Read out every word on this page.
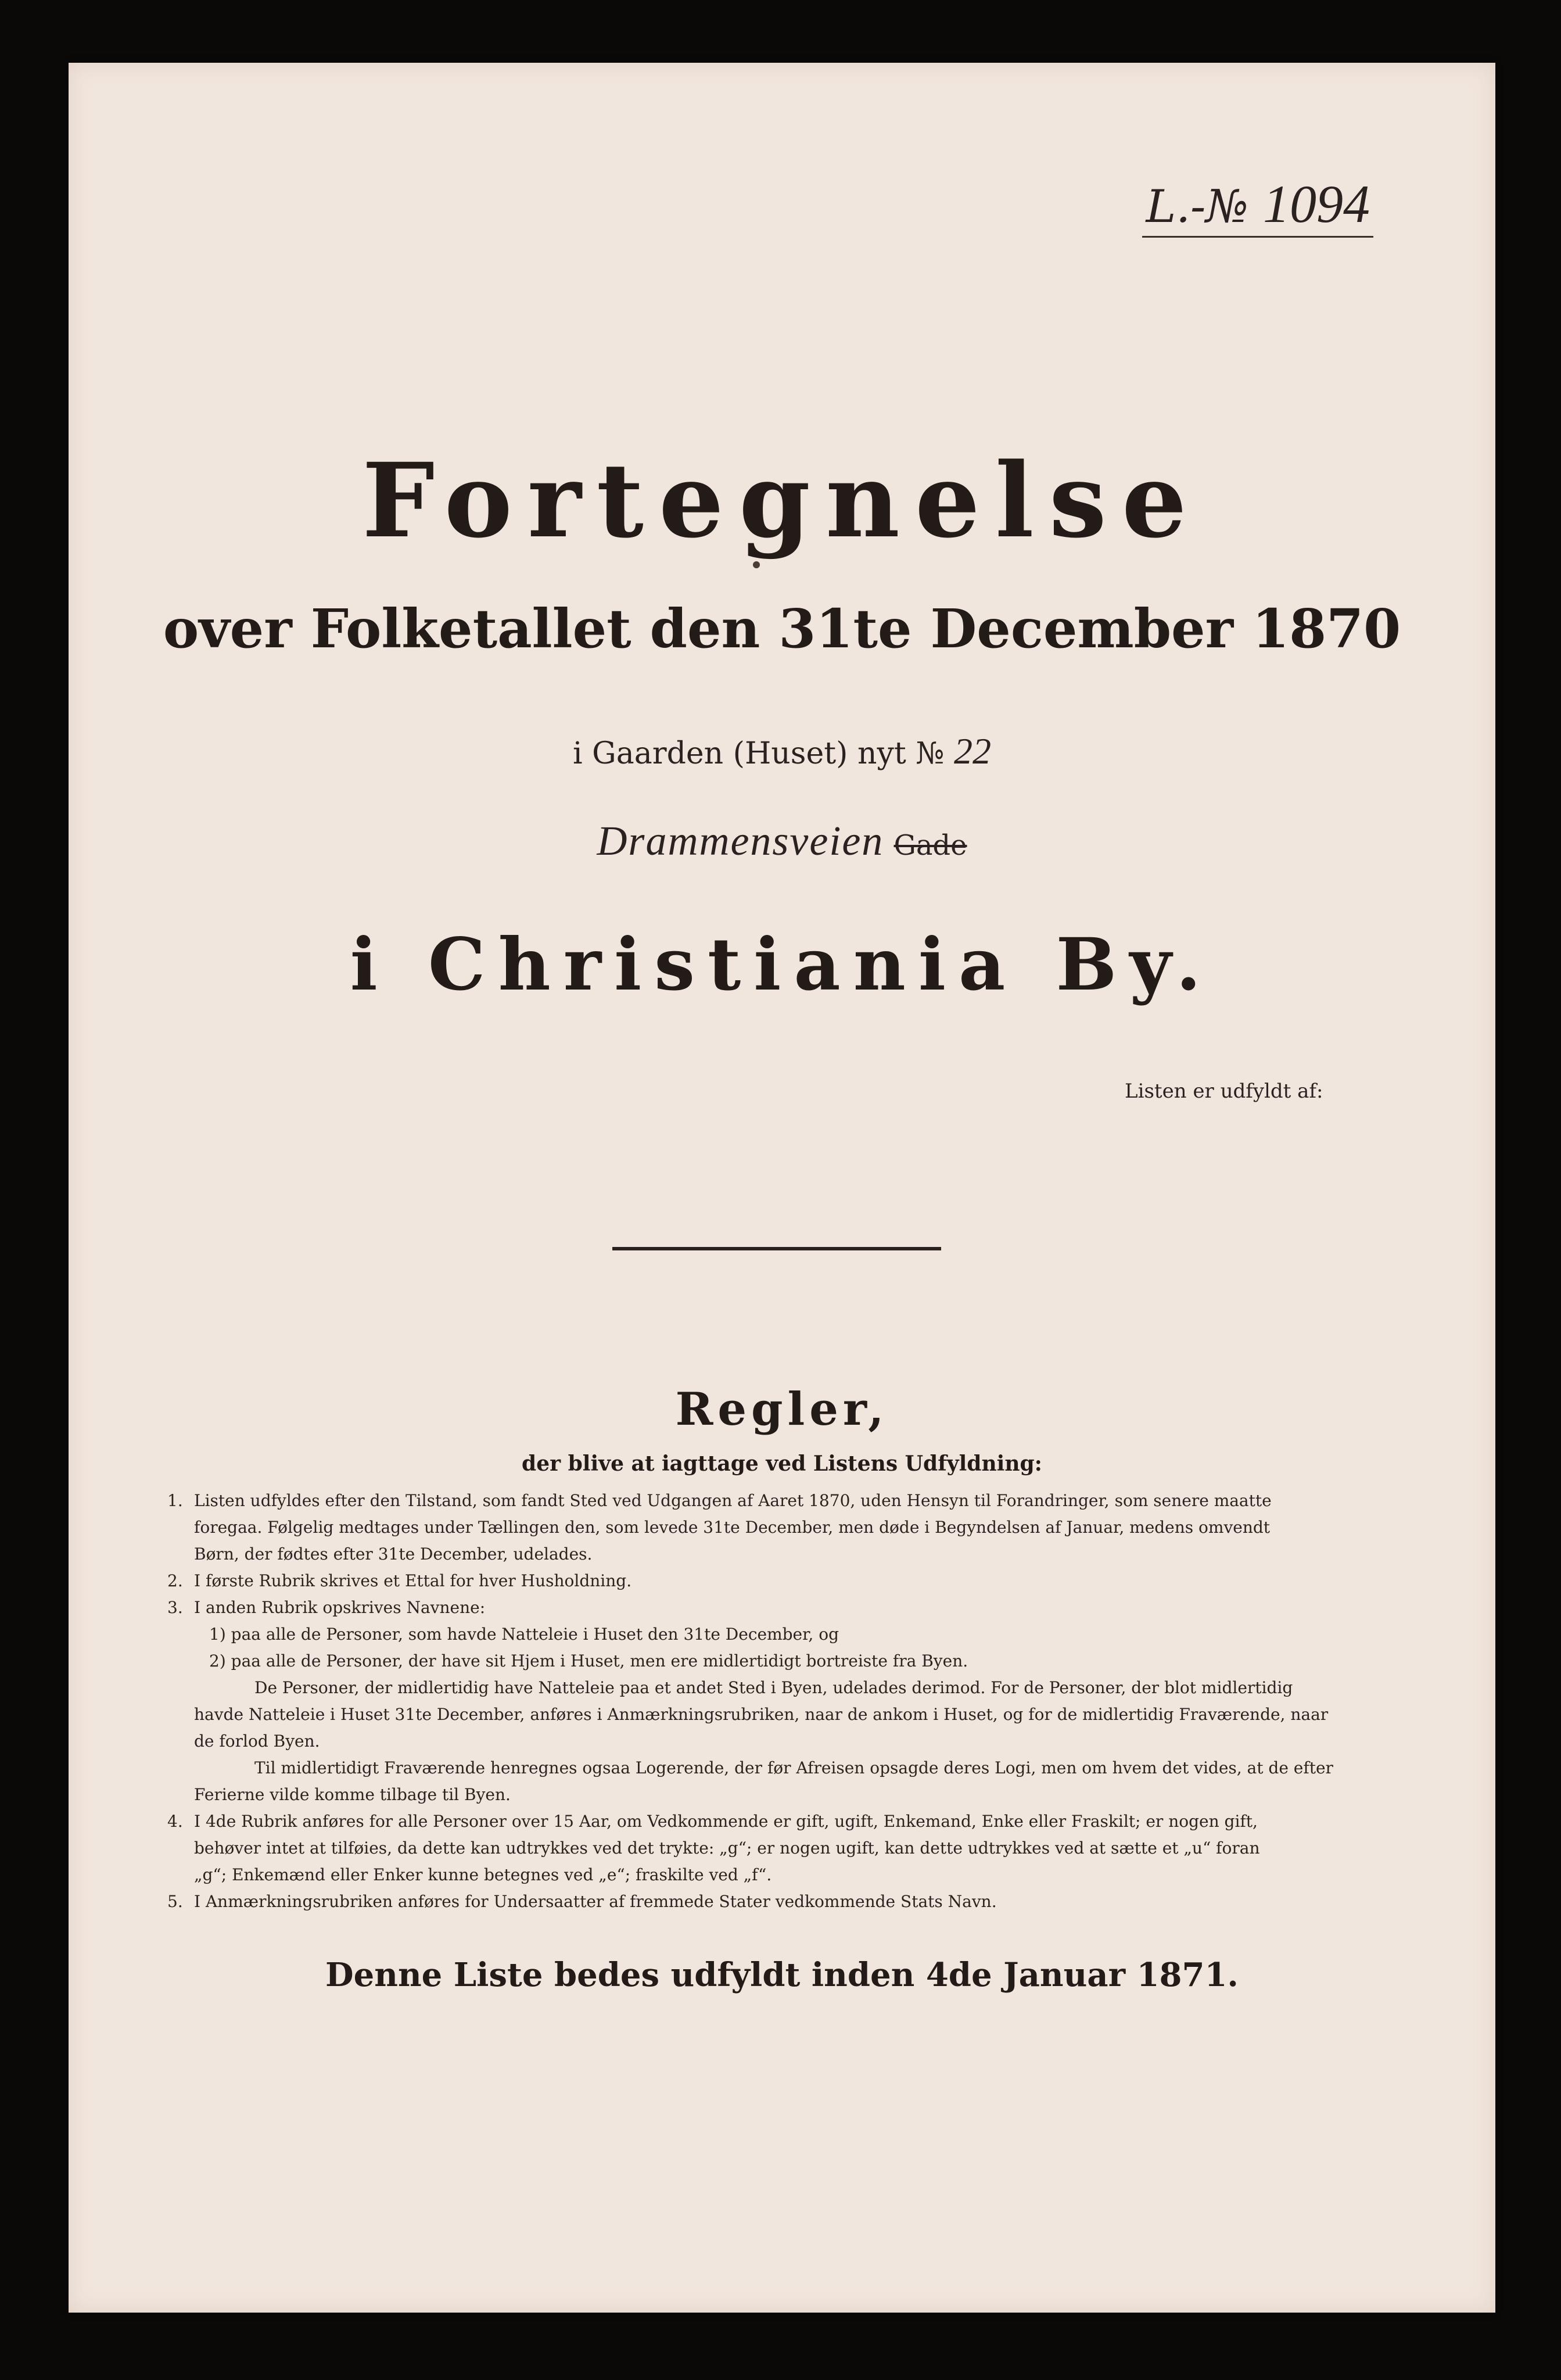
L.-№ 1094
Fortegnelse
over Folketallet den 31te December 1870
i Gaarden (Huset) nyt № 22
Drammensveien Gade
i Christiania By.
Listen er udfyldt af:
Regler,
der blive at iagttage ved Listens Udfyldning:
1. Listen udfyldes efter den Tilstand, som fandt Sted ved Udgangen af Aaret 1870, uden Hensyn til Forandringer, som senere maatte
foregaa. Følgelig medtages under Tællingen den, som levede 31te December, men døde i Begyndelsen af Januar, medens omvendt
Børn, der fødtes efter 31te December, udelades.
2. I første Rubrik skrives et Ettal for hver Husholdning.
3. I anden Rubrik opskrives Navnene:
1) paa alle de Personer, som havde Natteleie i Huset den 31te December, og
2) paa alle de Personer, der have sit Hjem i Huset, men ere midlertidigt bortreiste fra Byen.
De Personer, der midlertidig have Natteleie paa et andet Sted i Byen, udelades derimod. For de Personer, der blot midlertidig
havde Natteleie i Huset 31te December, anføres i Anmærkningsrubriken, naar de ankom i Huset, og for de midlertidig Fraværende, naar
de forlod Byen.
Til midlertidigt Fraværende henregnes ogsaa Logerende, der før Afreisen opsagde deres Logi, men om hvem det vides, at de efter
Ferierne vilde komme tilbage til Byen.
4. I 4de Rubrik anføres for alle Personer over 15 Aar, om Vedkommende er gift, ugift, Enkemand, Enke eller Fraskilt; er nogen gift,
behøver intet at tilføies, da dette kan udtrykkes ved det trykte: „g“; er nogen ugift, kan dette udtrykkes ved at sætte et „u“ foran
„g“; Enkemænd eller Enker kunne betegnes ved „e“; fraskilte ved „f“.
5. I Anmærkningsrubriken anføres for Undersaatter af fremmede Stater vedkommende Stats Navn.
Denne Liste bedes udfyldt inden 4de Januar 1871.
